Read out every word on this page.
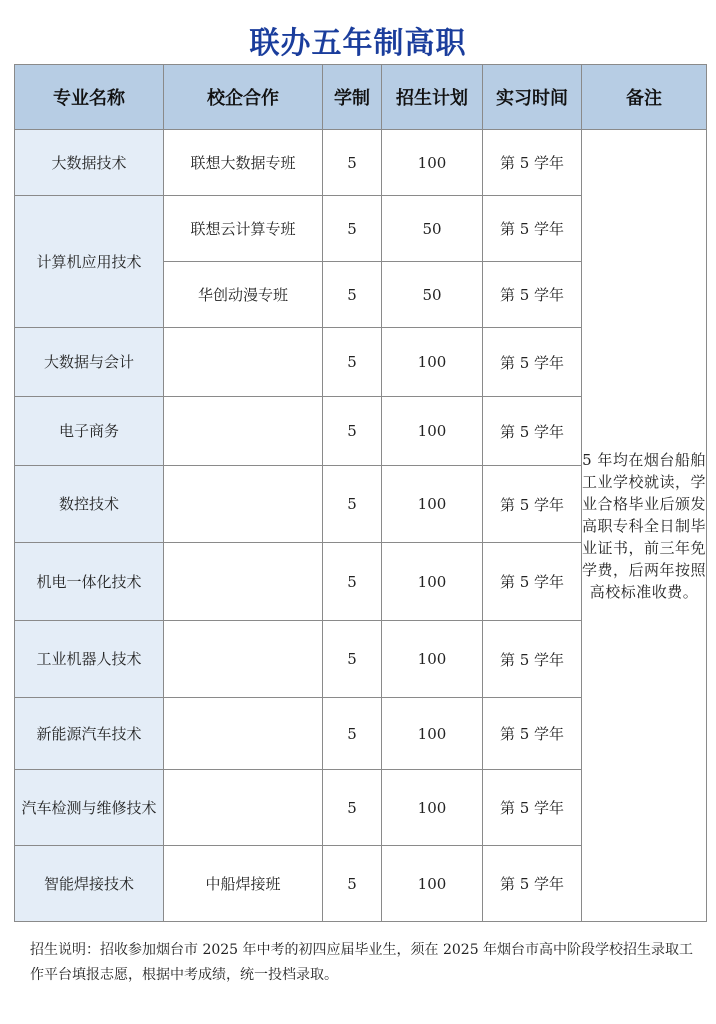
联办五年制高职
专业名称	校企合作	学制	招生计划	实习时间	备注
大数据技术	联想大数据专班	5	100	第 5 学年	5 年均在烟台船舶工业学校就读，学业合格毕业后颁发高职专科全日制毕业证书，前三年免学费，后两年按照高校标准收费。
计算机应用技术	联想云计算专班	5	50	第 5 学年	
	华创动漫专班	5	50	第 5 学年	
大数据与会计		5	100	第 5 学年	
电子商务		5	100	第 5 学年	
数控技术		5	100	第 5 学年	
机电一体化技术		5	100	第 5 学年	
工业机器人技术		5	100	第 5 学年	
新能源汽车技术		5	100	第 5 学年	
汽车检测与维修技术		5	100	第 5 学年	
智能焊接技术	中船焊接班	5	100	第 5 学年	
招生说明：招收参加烟台市 2025 年中考的初四应届毕业生，须在 2025 年烟台市高中阶段学校招生录取工作平台填报志愿，根据中考成绩，统一投档录取。
